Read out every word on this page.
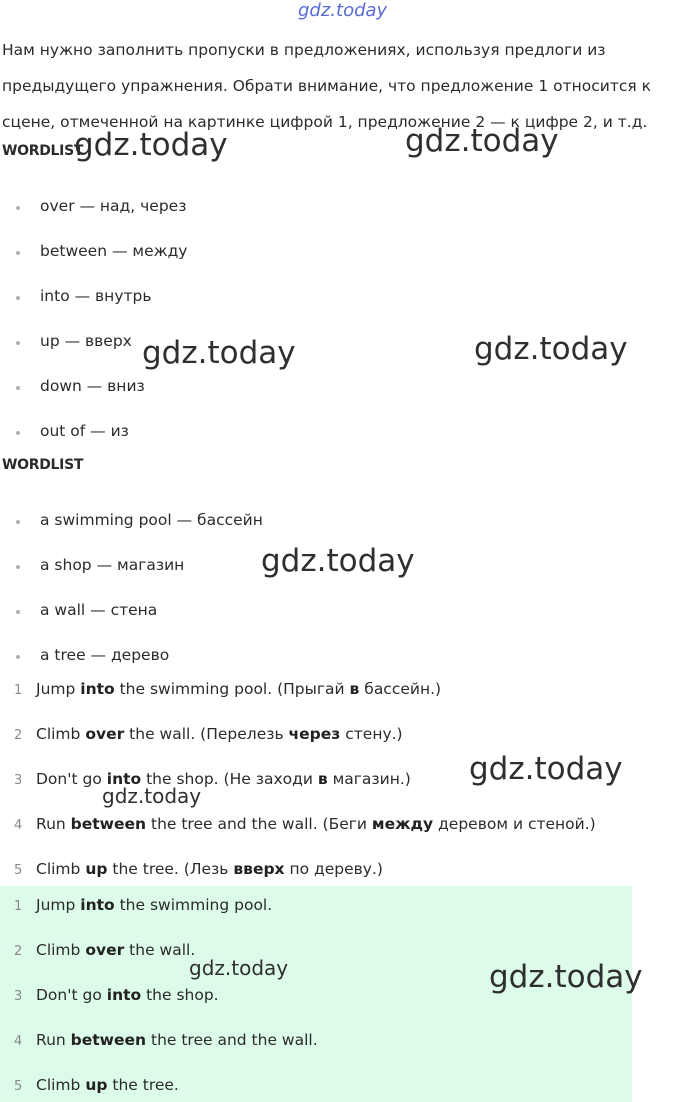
gdz.today
gdz.today	gdz.today
gdz.today	gdz.today
gdz.today
gdz.today
gdz.today
gdz.today	gdz.today
Нам нужно заполнить пропуски в предложениях, используя предлоги из предыдущего упражнения. Обрати внимание, что предложение 1 относится к сцене, отмеченной на картинке цифрой 1, предложение 2 — к цифре 2, и т.д.
WORDLIST
over — над, через
between — между
into — внутрь
up — вверх
down — вниз
out of — из
WORDLIST
a swimming pool — бассейн
a shop — магазин
a wall — стена
a tree — дерево
1 Jump into the swimming pool. (Прыгай в бассейн.)
2 Climb over the wall. (Перелезь через стену.)
3 Don't go into the shop. (Не заходи в магазин.)
4 Run between the tree and the wall. (Беги между деревом и стеной.)
5 Climb up the tree. (Лезь вверх по дереву.)
1 Jump into the swimming pool.
2 Climb over the wall.
3 Don't go into the shop.
4 Run between the tree and the wall.
5 Climb up the tree.
